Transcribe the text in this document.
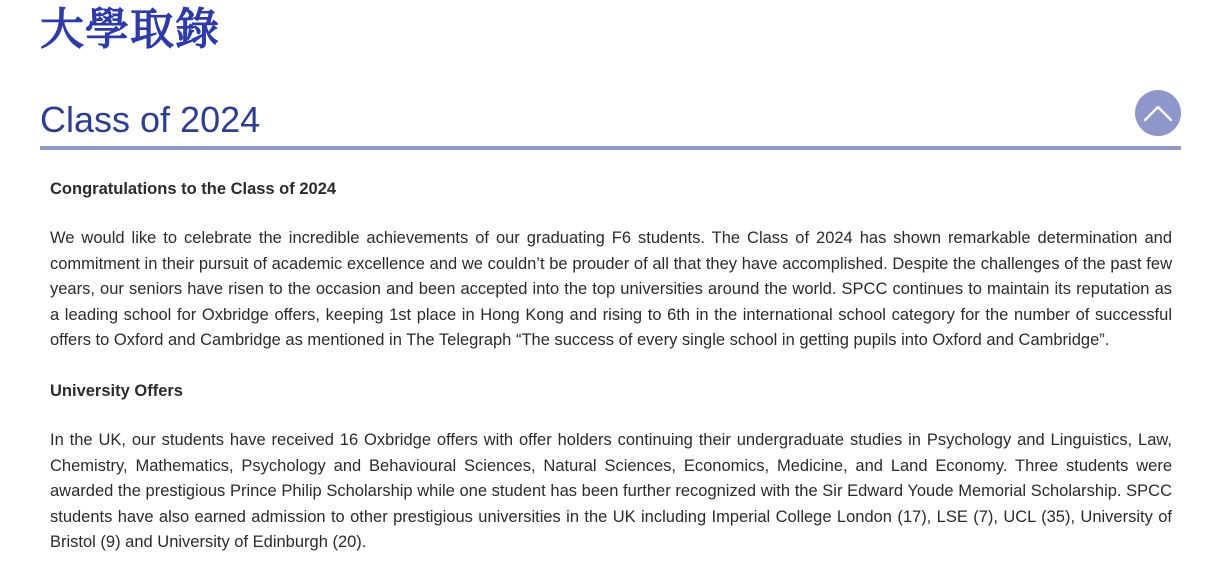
大學取錄
Class of 2024
Congratulations to the Class of 2024

We would like to celebrate the incredible achievements of our graduating F6 students. The Class of 2024 has shown remarkable determination and commitment in their pursuit of academic excellence and we couldn’t be prouder of all that they have accomplished. Despite the challenges of the past few years, our seniors have risen to the occasion and been accepted into the top universities around the world. SPCC continues to maintain its reputation as a leading school for Oxbridge offers, keeping 1st place in Hong Kong and rising to 6th in the international school category for the number of successful offers to Oxford and Cambridge as mentioned in The Telegraph “The success of every single school in getting pupils into Oxford and Cambridge”.

University Offers

In the UK, our students have received 16 Oxbridge offers with offer holders continuing their undergraduate studies in Psychology and Linguistics, Law, Chemistry, Mathematics, Psychology and Behavioural Sciences, Natural Sciences, Economics, Medicine, and Land Economy. Three students were awarded the prestigious Prince Philip Scholarship while one student has been further recognized with the Sir Edward Youde Memorial Scholarship. SPCC students have also earned admission to other prestigious universities in the UK including Imperial College London (17), LSE (7), UCL (35), University of Bristol (9) and University of Edinburgh (20).
